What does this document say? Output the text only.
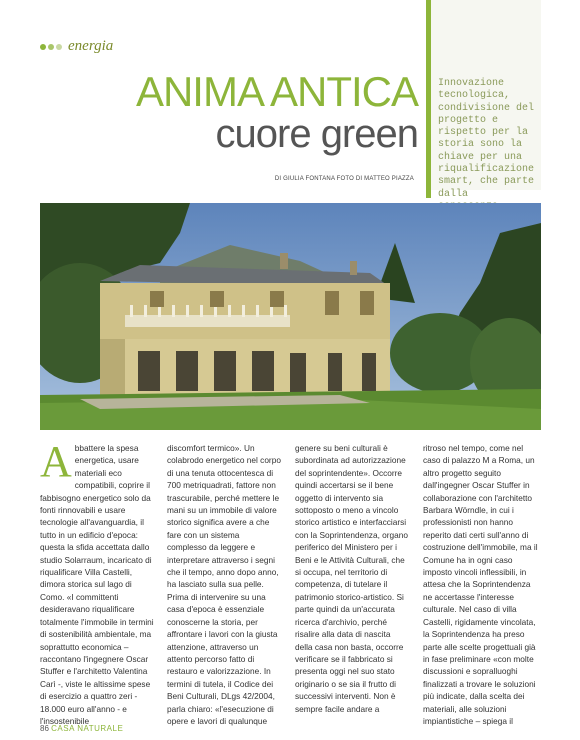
energia
ANIMA ANTICA
cuore green
DI GIULIA FONTANA FOTO DI MATTEO PIAZZA
Innovazione tecnologica, condivisione del progetto e rispetto per la storia sono la chiave per una riqualificazione smart, che parte dalla
Abbattere la spesa energetica, usare materiali eco compatibili, coprire il fabbisogno energetico solo da fonti rinnovabili e usare tecnologie all'avanguardia, il tutto in un edificio d'epoca: questa la sfida accettata dallo studio Solarraum, incaricato di riqualificare Villa Castelli, dimora storica sul lago di Como. «I committenti desideravano riqualificare totalmente l'immobile in termini di sostenibilità ambientale, ma soprattutto economica – raccontano l'ingegnere Oscar Stuffer e l'architetto Valentina Carì -, viste le altissime spese di esercizio a quattro zeri - 18.000 euro all'anno - e l'insostenibile
discomfort termico». Un colabrodo energetico nel corpo di una tenuta ottocentesca di 700 metriquadrati, fattore non trascurabile, perché mettere le mani su un immobile di valore storico significa avere a che fare con un sistema complesso da leggere e interpretare attraverso i segni che il tempo, anno dopo anno, ha lasciato sulla sua pelle. Prima di intervenire su una casa d'epoca è essenziale conoscerne la storia, per affrontare i lavori con la giusta attenzione, attraverso un attento percorso fatto di restauro e valorizzazione. In termini di tutela, il Codice dei Beni Culturali, DLgs 42/2004, parla chiaro: «l'esecuzione di opere e lavori di qualunque
genere su beni culturali è subordinata ad autorizzazione del soprintendente». Occorre quindi accertarsi se il bene oggetto di intervento sia sottoposto o meno a vincolo storico artistico e interfacciarsi con la Soprintendenza, organo periferico del Ministero per i Beni e le Attività Culturali, che si occupa, nel territorio di competenza, di tutelare il patrimonio storico-artistico. Si parte quindi da un'accurata ricerca d'archivio, perché risalire alla data di nascita della casa non basta, occorre verificare se il fabbricato si presenta oggi nel suo stato originario o se sia il frutto di successivi interventi. Non è sempre facile andare a
ritroso nel tempo, come nel caso di palazzo M a Roma, un altro progetto seguito dall'ingegner Oscar Stuffer in collaborazione con l'architetto Barbara Wörndle, in cui i professionisti non hanno reperito dati certi sull'anno di costruzione dell'immobile, ma il Comune ha in ogni caso imposto vincoli inflessibili, in attesa che la Soprintendenza ne accertasse l'interesse culturale. Nel caso di villa Castelli, rigidamente vincolata, la Soprintendenza ha preso parte alle scelte progettuali già in fase preliminare «con molte discussioni e sopralluoghi finalizzati a trovare le soluzioni più indicate, dalla scelta dei materiali, alle soluzioni impiantistiche – spiega il
86 CASA NATURALE
